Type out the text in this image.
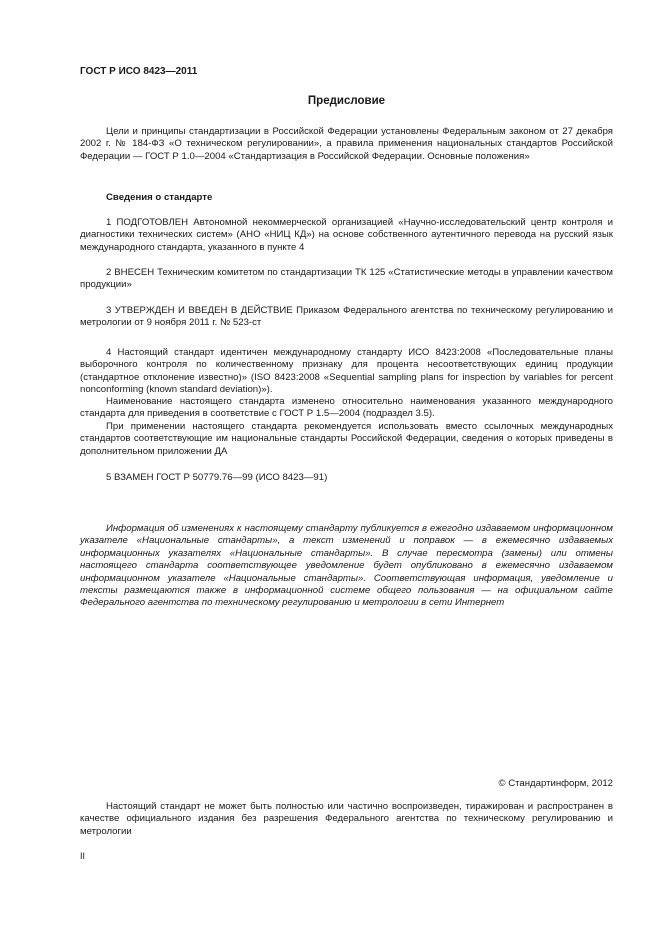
ГОСТ Р ИСО 8423—2011
Предисловие

Цели и принципы стандартизации в Российской Федерации установлены Федеральным законом от 27 декабря 2002 г. № 184-ФЗ «О техническом регулировании», а правила применения национальных стандартов Российской Федерации — ГОСТ Р 1.0—2004 «Стандартизация в Российской Федерации. Основные положения»

Сведения о стандарте

1 ПОДГОТОВЛЕН Автономной некоммерческой организацией «Научно-исследовательский центр контроля и диагностики технических систем» (АНО «НИЦ КД») на основе собственного аутентичного перевода на русский язык международного стандарта, указанного в пункте 4

2 ВНЕСЕН Техническим комитетом по стандартизации ТК 125 «Статистические методы в управлении качеством продукции»

3 УТВЕРЖДЕН И ВВЕДЕН В ДЕЙСТВИЕ Приказом Федерального агентства по техническому регулированию и метрологии от 9 ноября 2011 г. № 523-ст

4 Настоящий стандарт идентичен международному стандарту ИСО 8423:2008 «Последовательные планы выборочного контроля по количественному признаку для процента несоответствующих единиц продукции (стандартное отклонение известно)» (ISO 8423:2008 «Sequential sampling plans for inspection by variables for percent nonconforming (known standard deviation)»).

Наименование настоящего стандарта изменено относительно наименования указанного международного стандарта для приведения в соответствие с ГОСТ Р 1.5—2004 (подраздел 3.5).

При применении настоящего стандарта рекомендуется использовать вместо ссылочных международных стандартов соответствующие им национальные стандарты Российской Федерации, сведения о которых приведены в дополнительном приложении ДА

5 ВЗАМЕН ГОСТ Р 50779.76—99 (ИСО 8423—91)

Информация об изменениях к настоящему стандарту публикуется в ежегодно издаваемом информационном указателе «Национальные стандарты», а текст изменений и поправок — в ежемесячно издаваемых информационных указателях «Национальные стандарты». В случае пересмотра (замены) или отмены настоящего стандарта соответствующее уведомление будет опубликовано в ежемесячно издаваемом информационном указателе «Национальные стандарты». Соответствующая информация, уведомление и тексты размещаются также в информационной системе общего пользования — на официальном сайте Федерального агентства по техническому регулированию и метрологии в сети Интернет

© Стандартинформ, 2012

Настоящий стандарт не может быть полностью или частично воспроизведен, тиражирован и распространен в качестве официального издания без разрешения Федерального агентства по техническому регулированию и метрологии

II
